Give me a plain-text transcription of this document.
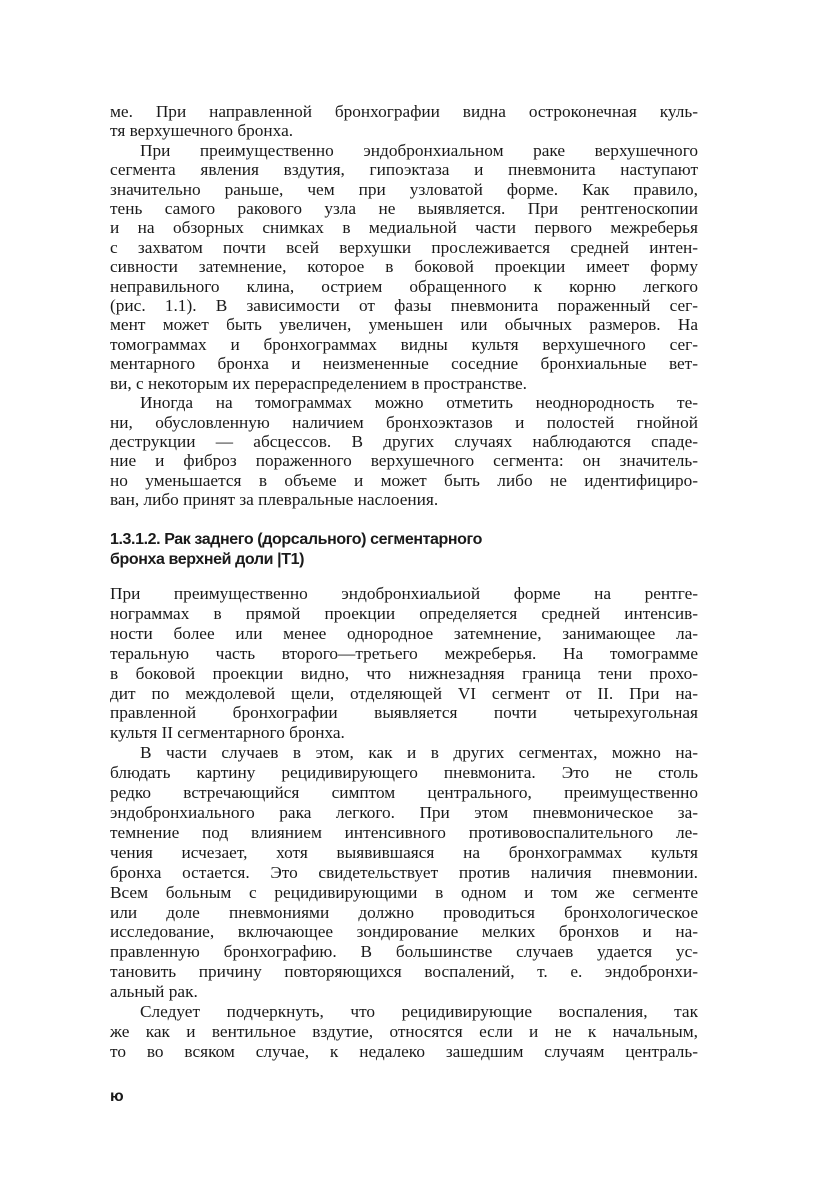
ме. При направленной бронхографии видна остроконечная куль-
тя верхушечного бронха.
При преимущественно эндобронхиальном раке верхушечного
сегмента явления вздутия, гипоэктаза и пневмонита наступают
значительно раньше, чем при узловатой форме. Как правило,
тень самого ракового узла не выявляется. При рентгеноскопии
и на обзорных снимках в медиальной части первого межреберья
с захватом почти всей верхушки прослеживается средней интен-
сивности затемнение, которое в боковой проекции имеет форму
неправильного клина, острием обращенного к корню легкого
(рис. 1.1). В зависимости от фазы пневмонита пораженный сег-
мент может быть увеличен, уменьшен или обычных размеров. На
томограммах и бронхограммах видны культя верхушечного сег-
ментарного бронха и неизмененные соседние бронхиальные вет-
ви, с некоторым их перераспределением в пространстве.
Иногда на томограммах можно отметить неоднородность те-
ни, обусловленную наличием бронхоэктазов и полостей гнойной
деструкции — абсцессов. В других случаях наблюдаются спаде-
ние и фиброз пораженного верхушечного сегмента: он значитель-
но уменьшается в объеме и может быть либо не идентифициро-
ван, либо принят за плевральные наслоения.
1.3.1.2. Рак заднего (дорсального) сегментарного
бронха верхней доли |Т1)
При преимущественно эндобронхиальиой форме на рентге-
нограммах в прямой проекции определяется средней интенсив-
ности более или менее однородное затемнение, занимающее ла-
теральную часть второго—третьего межреберья. На томограмме
в боковой проекции видно, что нижнезадняя граница тени прохо-
дит по междолевой щели, отделяющей VI сегмент от II. При на-
правленной бронхографии выявляется почти четырехугольная
культя II сегментарного бронха.
В части случаев в этом, как и в других сегментах, можно на-
блюдать картину рецидивирующего пневмонита. Это не столь
редко встречающийся симптом центрального, преимущественно
эндобронхиального рака легкого. При этом пневмоническое за-
темнение под влиянием интенсивного противовоспалительного ле-
чения исчезает, хотя выявившаяся на бронхограммах культя
бронха остается. Это свидетельствует против наличия пневмонии.
Всем больным с рецидивирующими в одном и том же сегменте
или доле пневмониями должно проводиться бронхологическое
исследование, включающее зондирование мелких бронхов и на-
правленную бронхографию. В большинстве случаев удается ус-
тановить причину повторяющихся воспалений, т. е. эндобронхи-
альный рак.
Следует подчеркнуть, что рецидивирующие воспаления, так
же как и вентильное вздутие, относятся если и не к начальным,
то во всяком случае, к недалеко зашедшим случаям централь-
ю
